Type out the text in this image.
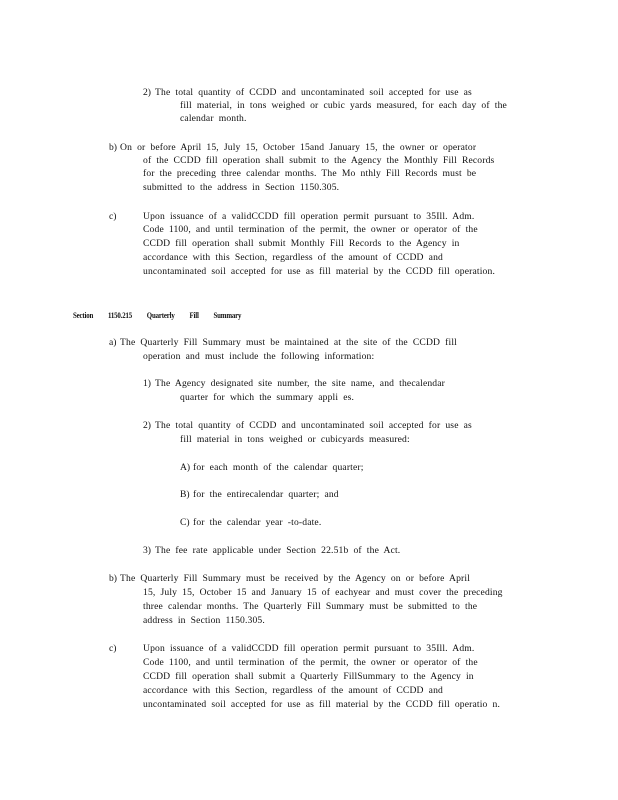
2) The total quantity of CCDD and uncontaminated soil accepted for use as
fill material, in tons weighed or cubic yards measured, for each day of the
calendar month.
b) On or before April 15, July 15, October 15and January 15, the owner or operator
of the CCDD fill operation shall submit to the Agency the Monthly Fill Records
for the preceding three calendar months. The Mo nthly Fill Records must be
submitted to the address in Section 1150.305.
c)	Upon issuance of a validCCDD fill operation permit pursuant to 35Ill. Adm.
Code 1100, and until termination of the permit, the owner or operator of the
CCDD fill operation shall submit Monthly Fill Records to the Agency in
accordance with this Section, regardless of the amount of CCDD and
uncontaminated soil accepted for use as fill material by the CCDD fill operation.
Section 1150.215 Quarterly Fill Summary
a) The Quarterly Fill Summary must be maintained at the site of the CCDD fill
operation and must include the following information:
1) The Agency designated site number, the site name, and thecalendar
quarter for which the summary appli es.
2) The total quantity of CCDD and uncontaminated soil accepted for use as
fill material in tons weighed or cubicyards measured:
A) for each month of the calendar quarter;
B) for the entirecalendar quarter; and
C) for the calendar year -to-date.
3) The fee rate applicable under Section 22.51b of the Act.
b) The Quarterly Fill Summary must be received by the Agency on or before April
15, July 15, October 15 and January 15 of eachyear and must cover the preceding
three calendar months. The Quarterly Fill Summary must be submitted to the
address in Section 1150.305.
c)	Upon issuance of a validCCDD fill operation permit pursuant to 35Ill. Adm.
Code 1100, and until termination of the permit, the owner or operator of the
CCDD fill operation shall submit a Quarterly FillSummary to the Agency in
accordance with this Section, regardless of the amount of CCDD and
uncontaminated soil accepted for use as fill material by the CCDD fill operatio n.
